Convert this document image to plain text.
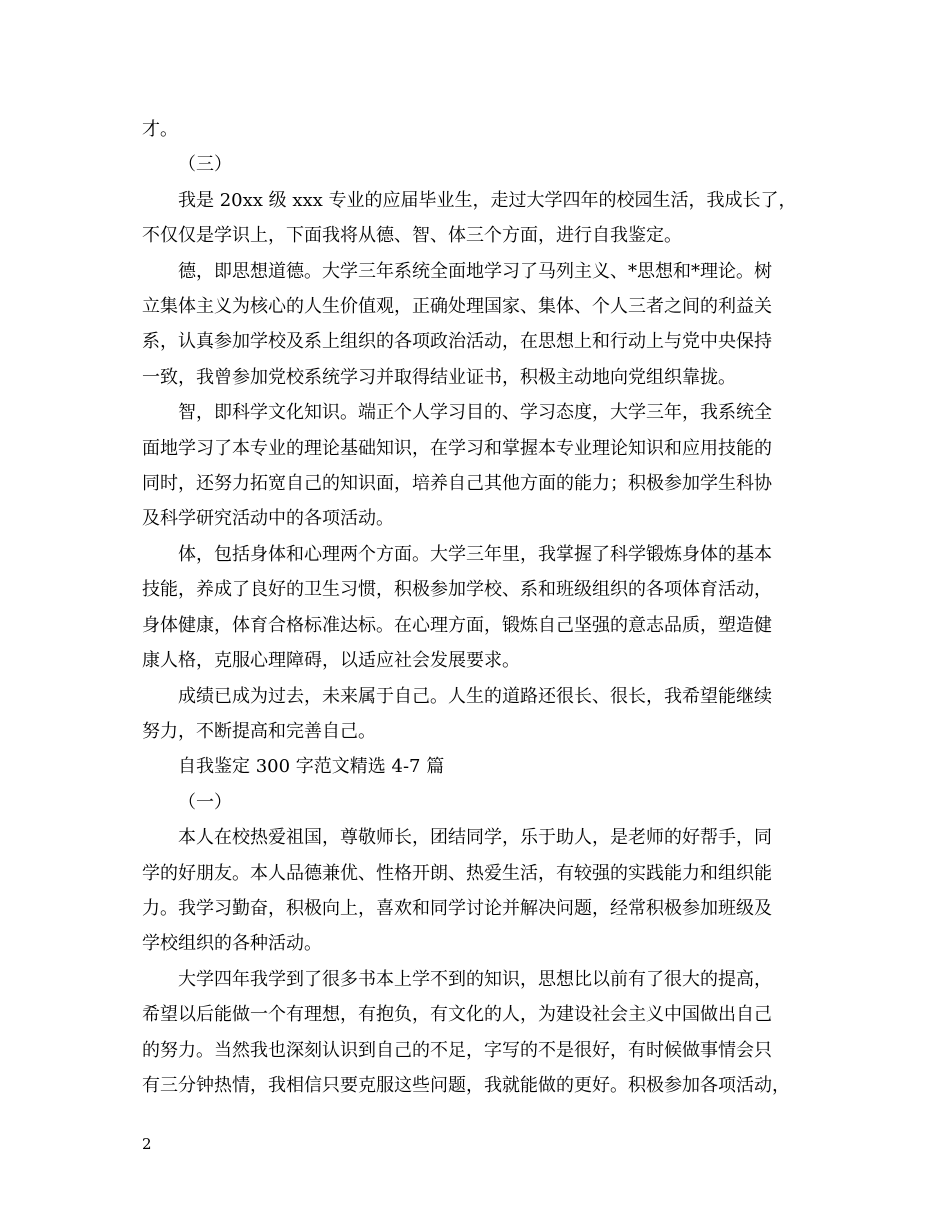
才。
（三）
我是 20xx 级 xxx 专业的应届毕业生，走过大学四年的校园生活，我成长了，
不仅仅是学识上，下面我将从德、智、体三个方面，进行自我鉴定。
德，即思想道德。大学三年系统全面地学习了马列主义、*思想和*理论。树
立集体主义为核心的人生价值观，正确处理国家、集体、个人三者之间的利益关
系，认真参加学校及系上组织的各项政治活动，在思想上和行动上与党中央保持
一致，我曾参加党校系统学习并取得结业证书，积极主动地向党组织靠拢。
智，即科学文化知识。端正个人学习目的、学习态度，大学三年，我系统全
面地学习了本专业的理论基础知识，在学习和掌握本专业理论知识和应用技能的
同时，还努力拓宽自己的知识面，培养自己其他方面的能力；积极参加学生科协
及科学研究活动中的各项活动。
体，包括身体和心理两个方面。大学三年里，我掌握了科学锻炼身体的基本
技能，养成了良好的卫生习惯，积极参加学校、系和班级组织的各项体育活动，
身体健康，体育合格标准达标。在心理方面，锻炼自己坚强的意志品质，塑造健
康人格，克服心理障碍，以适应社会发展要求。
成绩已成为过去，未来属于自己。人生的道路还很长、很长，我希望能继续
努力，不断提高和完善自己。
自我鉴定 300 字范文精选 4-7 篇
（一）
本人在校热爱祖国，尊敬师长，团结同学，乐于助人，是老师的好帮手，同
学的好朋友。本人品德兼优、性格开朗、热爱生活，有较强的实践能力和组织能
力。我学习勤奋，积极向上，喜欢和同学讨论并解决问题，经常积极参加班级及
学校组织的各种活动。
大学四年我学到了很多书本上学不到的知识，思想比以前有了很大的提高，
希望以后能做一个有理想，有抱负，有文化的人，为建设社会主义中国做出自己
的努力。当然我也深刻认识到自己的不足，字写的不是很好，有时候做事情会只
有三分钟热情，我相信只要克服这些问题，我就能做的更好。积极参加各项活动，
2
